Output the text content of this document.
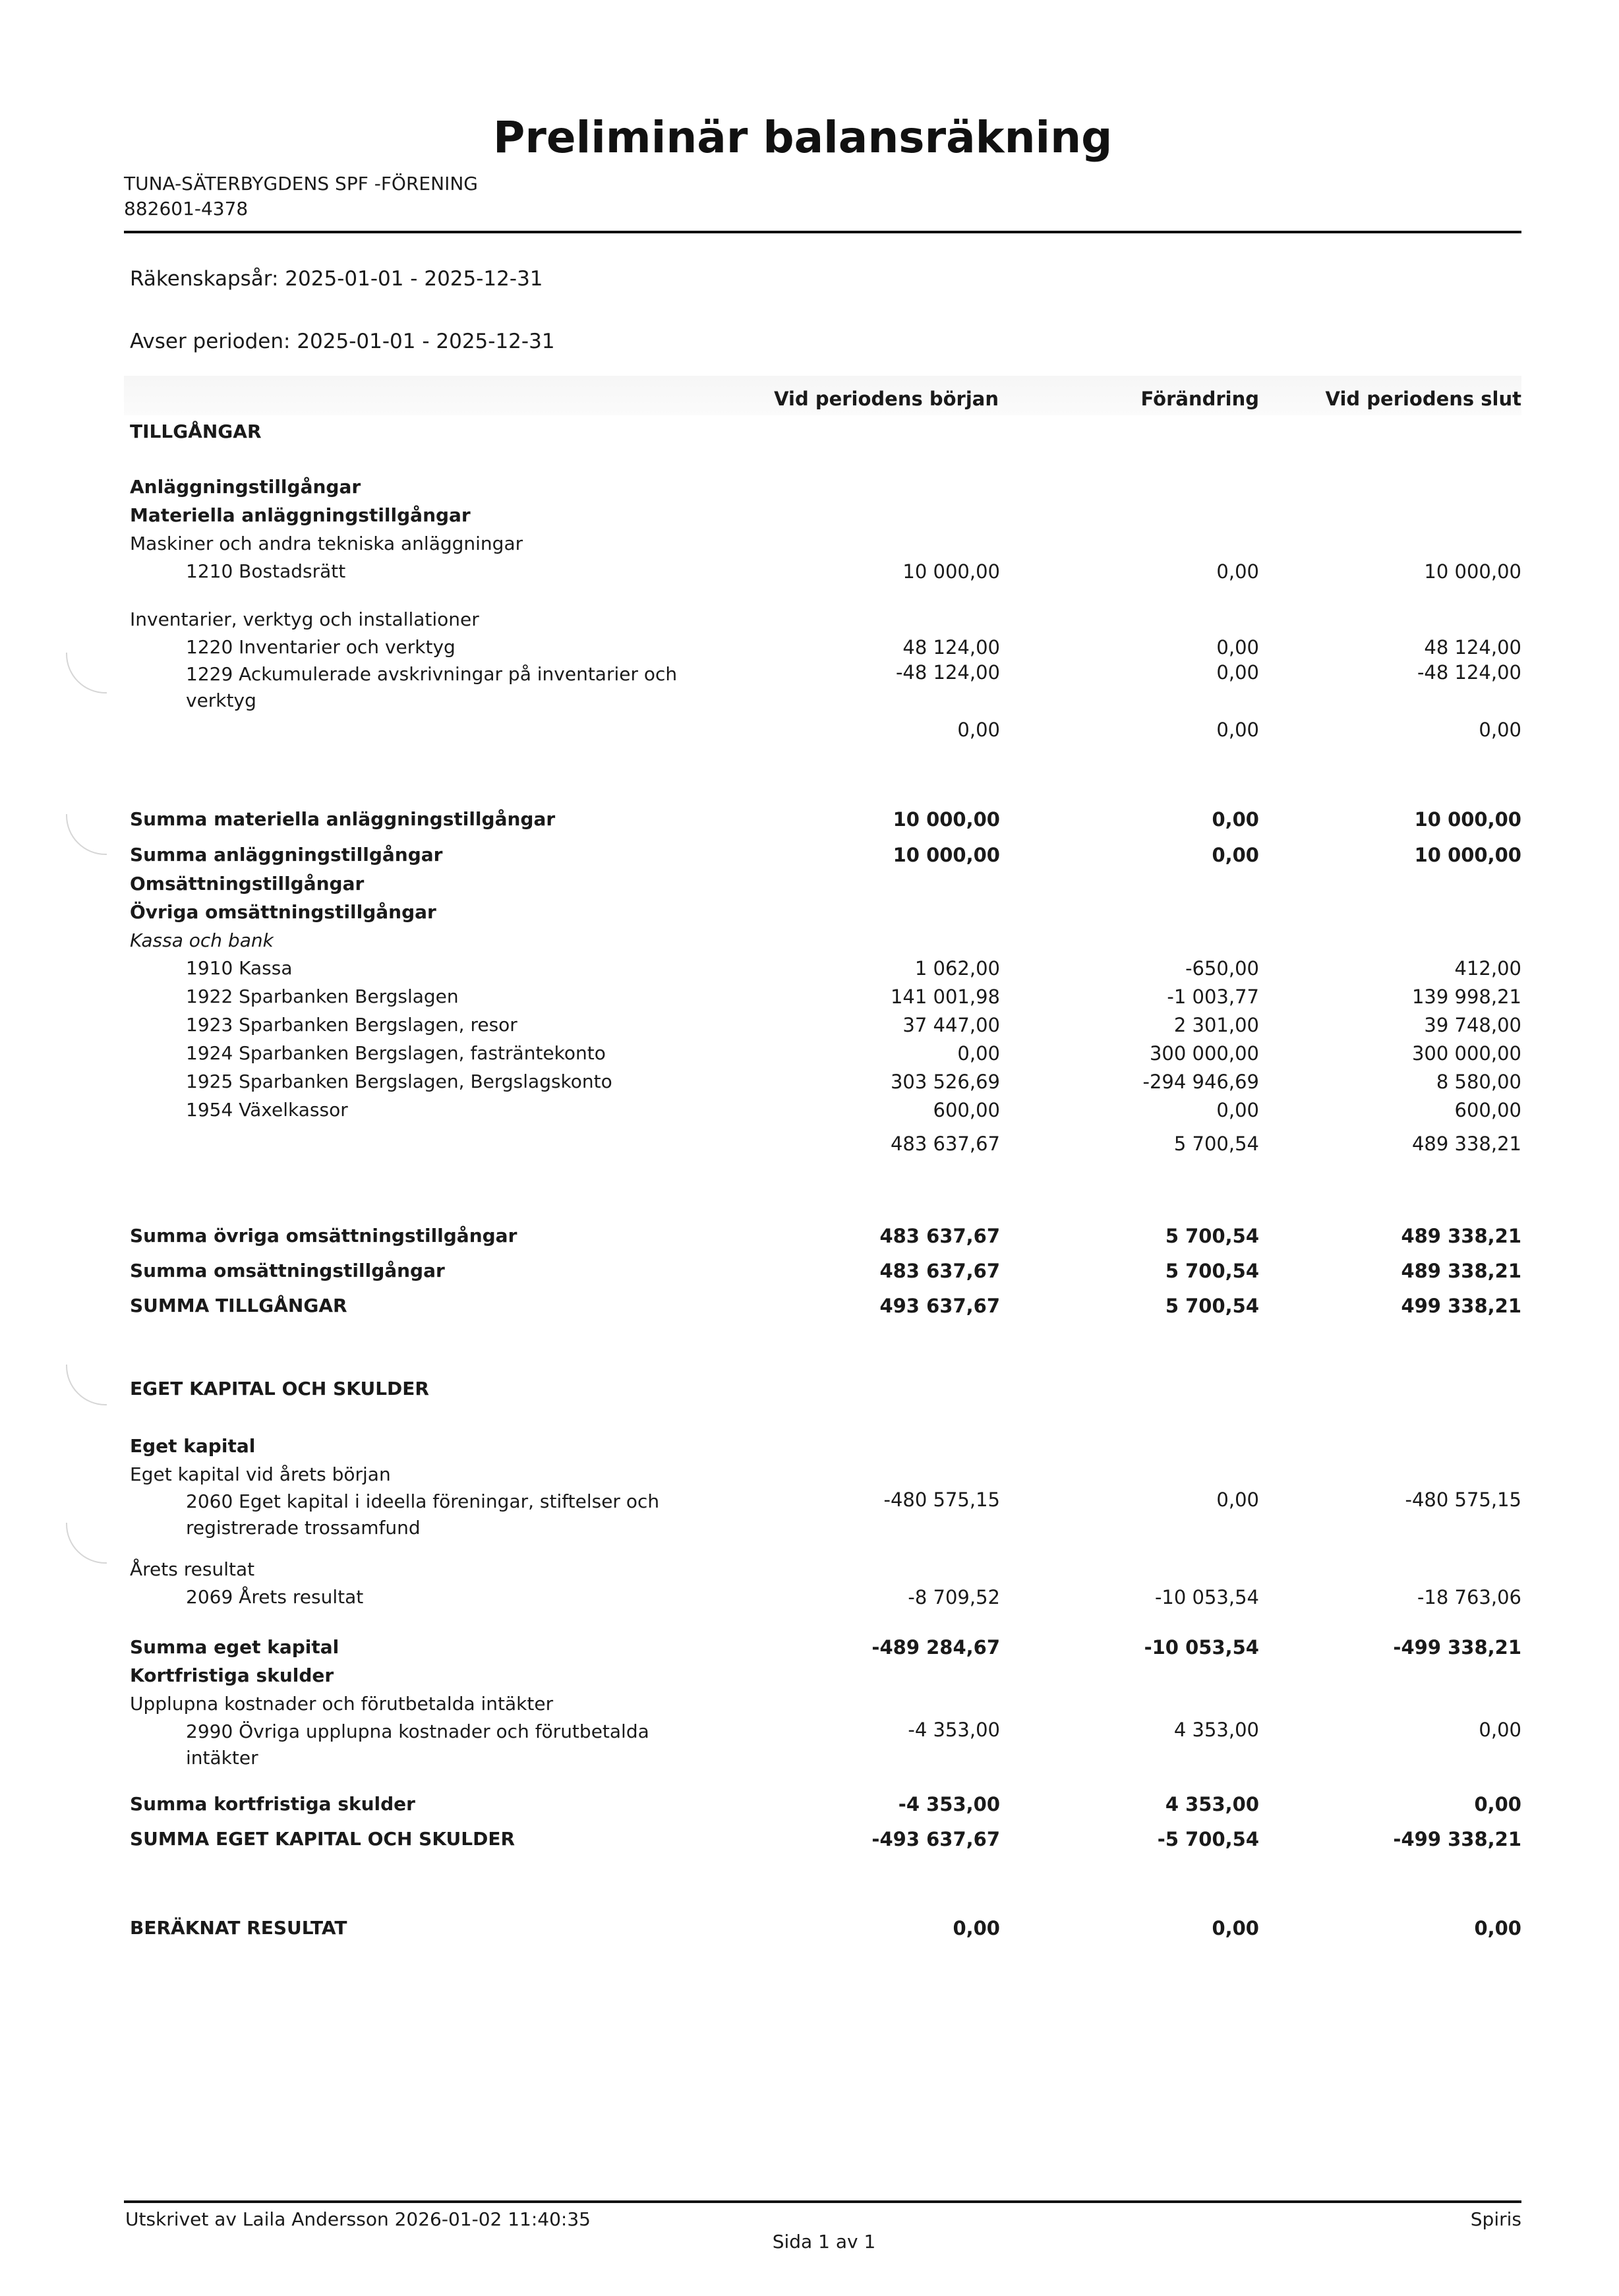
Preliminär balansräkning
TUNA-SÄTERBYGDENS SPF -FÖRENING
882601-4378
Räkenskapsår: 2025-01-01 - 2025-12-31
Avser perioden: 2025-01-01 - 2025-12-31
Vid periodens början	Förändring	Vid periodens slut
TILLGÅNGAR
Anläggningstillgångar
Materiella anläggningstillgångar
Maskiner och andra tekniska anläggningar
1210 Bostadsrätt	10 000,00	0,00	10 000,00
Inventarier, verktyg och installationer
1220 Inventarier och verktyg	48 124,00	0,00	48 124,00
1229 Ackumulerade avskrivningar på inventarier och verktyg
-48 124,00	0,00	-48 124,00
0,00	0,00	0,00
Summa materiella anläggningstillgångar	10 000,00	0,00	10 000,00
Summa anläggningstillgångar	10 000,00	0,00	10 000,00
Omsättningstillgångar
Övriga omsättningstillgångar
Kassa och bank
1910 Kassa	1 062,00	-650,00	412,00
1922 Sparbanken Bergslagen	141 001,98	-1 003,77	139 998,21
1923 Sparbanken Bergslagen, resor	37 447,00	2 301,00	39 748,00
1924 Sparbanken Bergslagen, fasträntekonto	0,00	300 000,00	300 000,00
1925 Sparbanken Bergslagen, Bergslagskonto	303 526,69	-294 946,69	8 580,00
1954 Växelkassor	600,00	0,00	600,00
483 637,67	5 700,54	489 338,21
Summa övriga omsättningstillgångar	483 637,67	5 700,54	489 338,21
Summa omsättningstillgångar	483 637,67	5 700,54	489 338,21
SUMMA TILLGÅNGAR	493 637,67	5 700,54	499 338,21
EGET KAPITAL OCH SKULDER
Eget kapital
Eget kapital vid årets början
2060 Eget kapital i ideella föreningar, stiftelser och registrerade trossamfund
-480 575,15	0,00	-480 575,15
Årets resultat
2069 Årets resultat	-8 709,52	-10 053,54	-18 763,06
Summa eget kapital	-489 284,67	-10 053,54	-499 338,21
Kortfristiga skulder
Upplupna kostnader och förutbetalda intäkter
2990 Övriga upplupna kostnader och förutbetalda intäkter
-4 353,00	4 353,00	0,00
Summa kortfristiga skulder	-4 353,00	4 353,00	0,00
SUMMA EGET KAPITAL OCH SKULDER	-493 637,67	-5 700,54	-499 338,21
BERÄKNAT RESULTAT	0,00	0,00	0,00
Utskrivet av Laila Andersson 2026-01-02 11:40:35	Spiris
Sida 1 av 1
